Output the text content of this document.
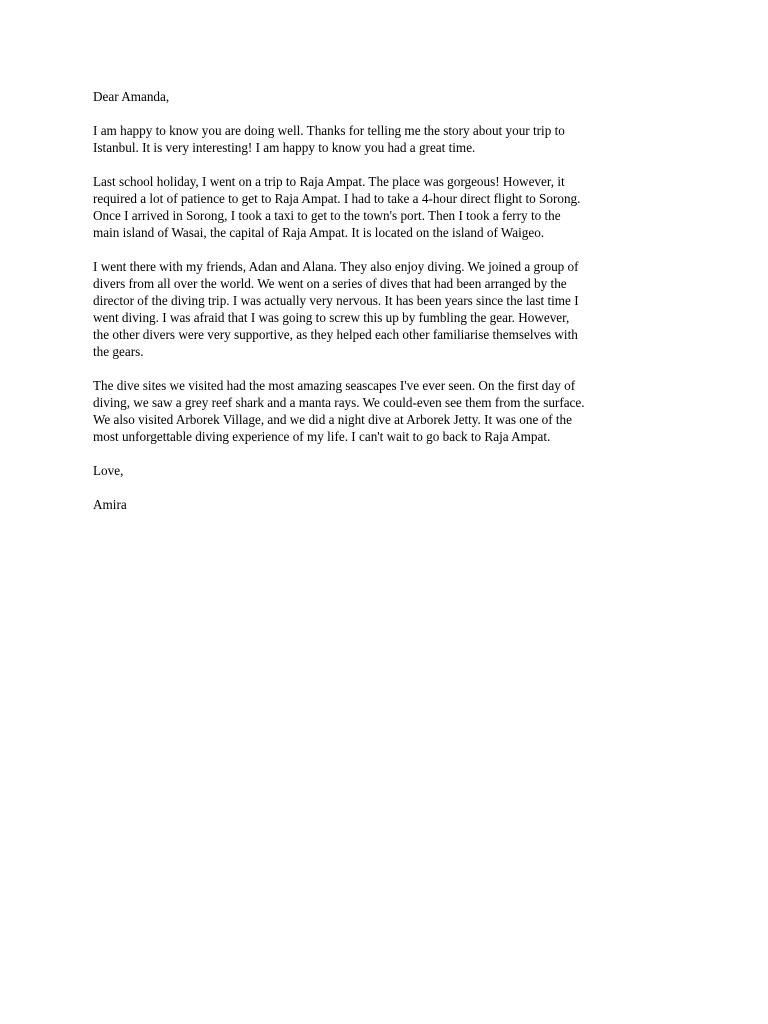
Dear Amanda,

I am happy to know you are doing well. Thanks for telling me the story about your trip to
Istanbul. It is very interesting! I am happy to know you had a great time.

Last school holiday, I went on a trip to Raja Ampat. The place was gorgeous! However, it
required a lot of patience to get to Raja Ampat. I had to take a 4-hour direct flight to Sorong.
Once I arrived in Sorong, I took a taxi to get to the town's port. Then I took a ferry to the
main island of Wasai, the capital of Raja Ampat. It is located on the island of Waigeo.

I went there with my friends, Adan and Alana. They also enjoy diving. We joined a group of
divers from all over the world. We went on a series of dives that had been arranged by the
director of the diving trip. I was actually very nervous. It has been years since the last time I
went diving. I was afraid that I was going to screw this up by fumbling the gear. However,
the other divers were very supportive, as they helped each other familiarise themselves with
the gears.

The dive sites we visited had the most amazing seascapes I've ever seen. On the first day of
diving, we saw a grey reef shark and a manta rays. We could-even see them from the surface.
We also visited Arborek Village, and we did a night dive at Arborek Jetty. It was one of the
most unforgettable diving experience of my life. I can't wait to go back to Raja Ampat.

Love,

Amira
